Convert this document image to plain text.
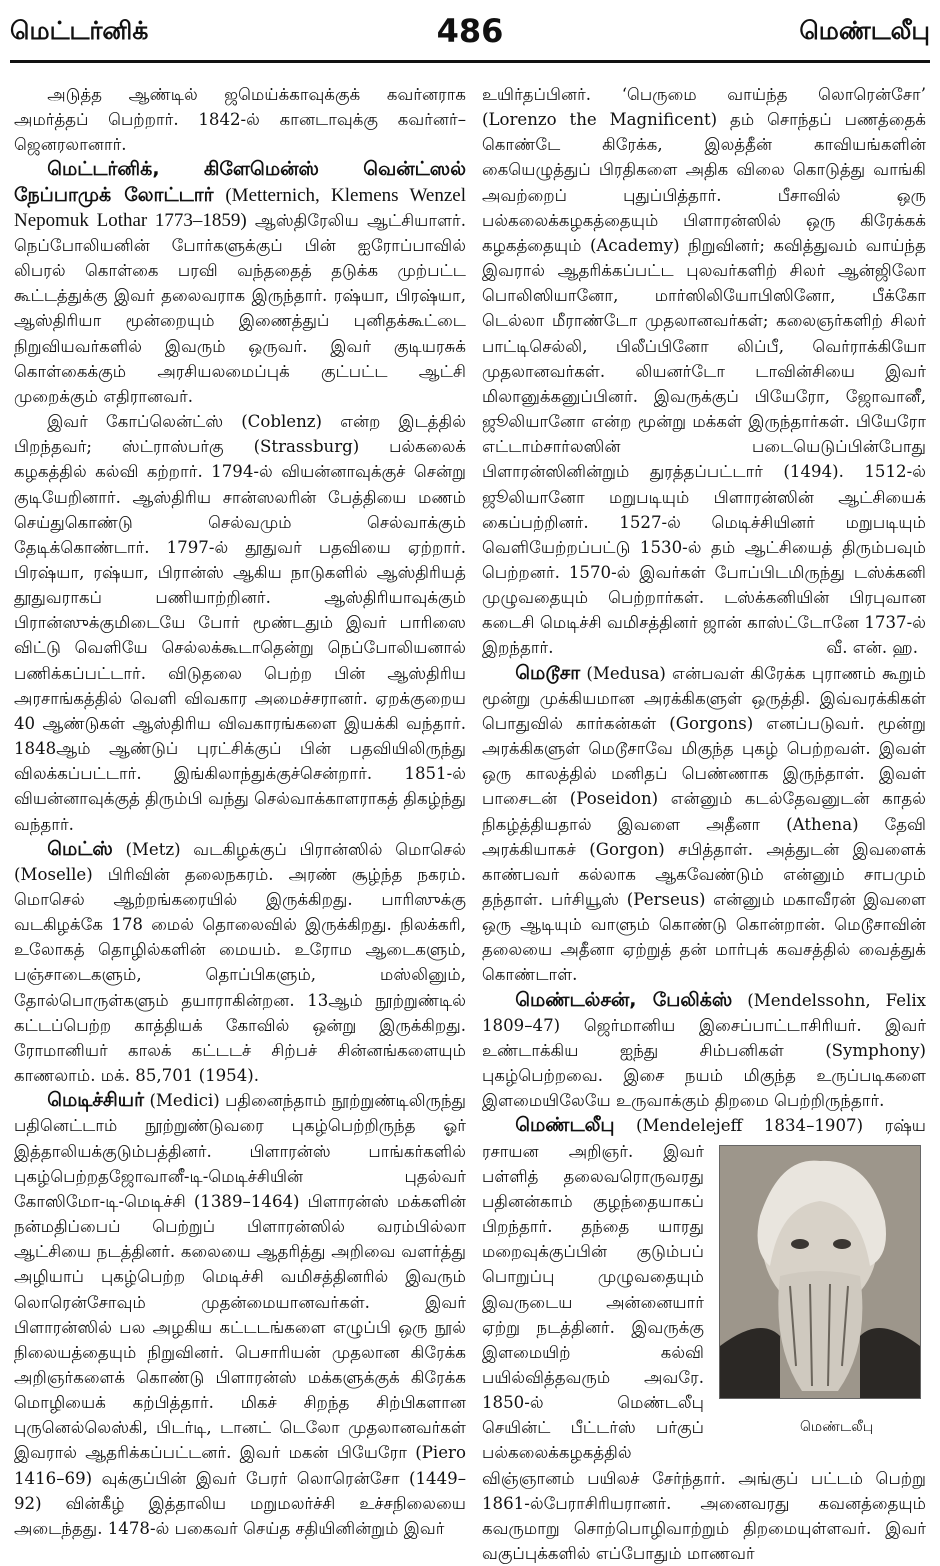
மெட்டர்னிக்	486	மெண்டலீபு

அடுத்த ஆண்டில் ஜமெய்க்காவுக்குக் கவர்னராக அமர்த்தப் பெற்றார். 1842-ல் கானடாவுக்கு கவர்னர்–ஜெனரலானார்.

மெட்டர்னிக், கிளேமென்ஸ் வென்ட்ஸல் நேப்பாமுக் லோட்டார் (Metternich, Klemens Wenzel Nepomuk Lothar 1773–1859) ஆஸ்திரேலிய ஆட்சியாளர். நெப்போலியனின் போர்களுக்குப் பின் ஐரோப்பாவில் லிபரல் கொள்கை பரவி வந்ததைத் தடுக்க முற்பட்ட கூட்டத்துக்கு இவர் தலைவராக இருந்தார். ரஷ்யா, பிரஷ்யா, ஆஸ்திரியா மூன்றையும் இணைத்துப் புனிதக்கூட்டை நிறுவியவர்களில் இவரும் ஒருவர். இவர் குடியரசுக் கொள்கைக்கும் அரசியலமைப்புக் குட்பட்ட ஆட்சி முறைக்கும் எதிரானவர்.

இவர் கோப்லென்ட்ஸ் (Coblenz) என்ற இடத்தில் பிறந்தவர்; ஸ்ட்ராஸ்பர்கு (Strassburg) பல்கலைக் கழகத்தில் கல்வி கற்றார். 1794-ல் வியன்னாவுக்குச் சென்று குடியேறினார். ஆஸ்திரிய சான்ஸலரின் பேத்தியை மணம் செய்துகொண்டு செல்வமும் செல்வாக்கும் தேடிக்கொண்டார். 1797-ல் தூதுவர் பதவியை ஏற்றார். பிரஷ்யா, ரஷ்யா, பிரான்ஸ் ஆகிய நாடுகளில் ஆஸ்திரியத் தூதுவராகப் பணியாற்றினர். ஆஸ்திரியாவுக்கும் பிரான்ஸுக்குமிடையே போர் மூண்டதும் இவர் பாரிஸை விட்டு வெளியே செல்லக்கூடாதென்று நெப்போலியனால் பணிக்கப்பட்டார். விடுதலை பெற்ற பின் ஆஸ்திரிய அரசாங்கத்தில் வெளி விவகார அமைச்சரானர். ஏறக்குறைய 40 ஆண்டுகள் ஆஸ்திரிய விவகாரங்களை இயக்கி வந்தார். 1848ஆம் ஆண்டுப் புரட்சிக்குப் பின் பதவியிலிருந்து விலக்கப்பட்டார். இங்கிலாந்துக்குச்சென்றார். 1851-ல் வியன்னாவுக்குத் திரும்பி வந்து செல்வாக்காளராகத் திகழ்ந்து வந்தார்.

மெட்ஸ் (Metz) வடகிழக்குப் பிரான்ஸில் மொசெல் (Moselle) பிரிவின் தலைநகரம். அரண் சூழ்ந்த நகரம். மொசெல் ஆற்றங்கரையில் இருக்கிறது. பாரிஸுக்கு வடகிழக்கே 178 மைல் தொலைவில் இருக்கிறது. நிலக்கரி, உலோகத் தொழில்களின் மையம். உரோம ஆடைகளும், பஞ்சாடைகளும், தொப்பிகளும், மஸ்லினும், தோல்பொருள்களும் தயாராகின்றன. 13ஆம் நூற்றுண்டில் கட்டப்பெற்ற காத்தியக் கோவில் ஒன்று இருக்கிறது. ரோமானியர் காலக் கட்டடச் சிற்பச் சின்னங்களையும் காணலாம். மக். 85,701 (1954).

மெடிச்சியர் (Medici) பதினைந்தாம் நூற்றுண்டிலிருந்து பதினெட்டாம் நூற்றுண்டுவரை புகழ்பெற்றிருந்த ஓர் இத்தாலியக்குடும்பத்தினர். பிளாரன்ஸ் பாங்கர்களில் புகழ்பெற்றதஜோவானீ-டி-மெடிச்சியின் புதல்வர் கோஸிமோ-டி-மெடிச்சி (1389–1464) பிளாரன்ஸ் மக்களின் நன்மதிப்பைப் பெற்றுப் பிளாரன்ஸில் வரம்பில்லா ஆட்சியை நடத்தினர். கலையை ஆதரித்து அறிவை வளர்த்து அழியாப் புகழ்பெற்ற மெடிச்சி வமிசத்தினரில் இவரும் லொரென்சோவும் முதன்மையானவர்கள். இவர் பிளாரன்ஸில் பல அழகிய கட்டடங்களை எழுப்பி ஒரு நூல் நிலையத்தையும் நிறுவினர். பெசாரியன் முதலான கிரேக்க அறிஞர்களைக் கொண்டு பிளாரன்ஸ் மக்களுக்குக் கிரேக்க மொழியைக் கற்பித்தார். மிகச் சிறந்த சிற்பிகளான புருனெல்லெஸ்கி, பிடர்டி, டானட் டெலோ முதலானவர்கள் இவரால் ஆதரிக்கப்பட்டனர். இவர் மகன் பியேரோ (Piero 1416–69) வுக்குப்பின் இவர் பேரர் லொரென்சோ (1449–92) வின்கீழ் இத்தாலிய மறுமலர்ச்சி உச்சநிலையை அடைந்தது. 1478-ல் பகைவர் செய்த சதியினின்றும் இவர்

உயிர்தப்பினர். ‘பெருமை வாய்ந்த லொரென்சோ’ (Lorenzo the Magnificent) தம் சொந்தப் பணத்தைக் கொண்டே கிரேக்க, இலத்தீன் காவியங்களின் கையெழுத்துப் பிரதிகளை அதிக விலை கொடுத்து வாங்கி அவற்றைப் புதுப்பித்தார். பீசாவில் ஒரு பல்கலைக்கழகத்தையும் பிளாரன்ஸில் ஒரு கிரேக்கக் கழகத்தையும் (Academy) நிறுவினர்; கவித்துவம் வாய்ந்த இவரால் ஆதரிக்கப்பட்ட புலவர்களிற் சிலர் ஆன்ஜிலோ பொலிஸியானோ, மார்ஸிலியோபிஸினோ, பீக்கோ டெல்லா மீராண்டோ முதலானவர்கள்; கலைஞர்களிற் சிலர் பாட்டிசெல்லி, பிலீப்பினோ லிப்பீ, வெர்ராக்கியோ முதலானவர்கள். லியனர்டோ டாவின்சியை இவர் மிலானுக்கனுப்பினர். இவருக்குப் பியேரோ, ஜோவானீ, ஜூலியானோ என்ற மூன்று மக்கள் இருந்தார்கள். பியேரோ எட்டாம்சார்லஸின் படையெடுப்பின்போது பிளாரன்ஸினின்றும் துரத்தப்பட்டார் (1494). 1512-ல் ஜூலியானோ மறுபடியும் பிளாரன்ஸின் ஆட்சியைக் கைப்பற்றினர். 1527-ல் மெடிச்சியினர் மறுபடியும் வெளியேற்றப்பட்டு 1530-ல் தம் ஆட்சியைத் திரும்பவும் பெற்றனர். 1570-ல் இவர்கள் போப்பிடமிருந்து டஸ்க்கனி முழுவதையும் பெற்றார்கள். டஸ்க்கனியின் பிரபுவான கடைசி மெடிச்சி வமிசத்தினர் ஜான் காஸ்ட்டோனே 1737-ல் இறந்தார்.	வீ. என். ஹ.

மெடூசா (Medusa) என்பவள் கிரேக்க புராணம் கூறும் மூன்று முக்கியமான அரக்கிகளுள் ஒருத்தி. இவ்வரக்கிகள் பொதுவில் கார்கன்கள் (Gorgons) எனப்படுவர். மூன்று அரக்கிகளுள் மெடூசாவே மிகுந்த புகழ் பெற்றவள். இவள் ஒரு காலத்தில் மனிதப் பெண்ணாக இருந்தாள். இவள் பாசைடன் (Poseidon) என்னும் கடல்தேவனுடன் காதல் நிகழ்த்தியதால் இவளை அதீனா (Athena) தேவி அரக்கியாகச் (Gorgon) சபித்தாள். அத்துடன் இவளைக் காண்பவர் கல்லாக ஆகவேண்டும் என்னும் சாபமும் தந்தாள். பர்சியூஸ் (Perseus) என்னும் மகாவீரன் இவளை ஒரு ஆடியும் வாளும் கொண்டு கொன்றான். மெடூசாவின் தலையை அதீனா ஏற்றுத் தன் மார்புக் கவசத்தில் வைத்துக் கொண்டாள்.

மெண்டல்சன், பேலிக்ஸ் (Mendelssohn, Felix 1809–47) ஜெர்மானிய இசைப்பாட்டாசிரியர். இவர் உண்டாக்கிய ஐந்து சிம்பனிகள் (Symphony) புகழ்பெற்றவை. இசை நயம் மிகுந்த உருப்படிகளை இளமையிலேயே உருவாக்கும் திறமை பெற்றிருந்தார்.

மெண்டலீபு (Mendelejeff 1834–1907)
மெண்டலீபு
ரஷ்ய ரசாயன அறிஞர். இவர் பள்ளித் தலைவரொருவரது பதினன்காம் குழந்தையாகப் பிறந்தார். தந்தை யாரது மறைவுக்குப்பின் குடும்பப் பொறுப்பு முழுவதையும் இவருடைய அன்னையார் ஏற்று நடத்தினர். இவருக்கு இளமையிற் கல்வி பயில்வித்தவரும் அவரே. 1850-ல் மெண்டலீபு செயின்ட் பீட்டர்ஸ் பர்குப் பல்கலைக்கழகத்தில் விஞ்ஞானம் பயிலச் சேர்ந்தார். அங்குப் பட்டம் பெற்று 1861-ல்பேராசிரியரானர். அனைவரது கவனத்தையும் கவருமாறு சொற்பொழிவாற்றும் திறமையுள்ளவர். இவர் வகுப்புக்களில் எப்போதும் மாணவர்
